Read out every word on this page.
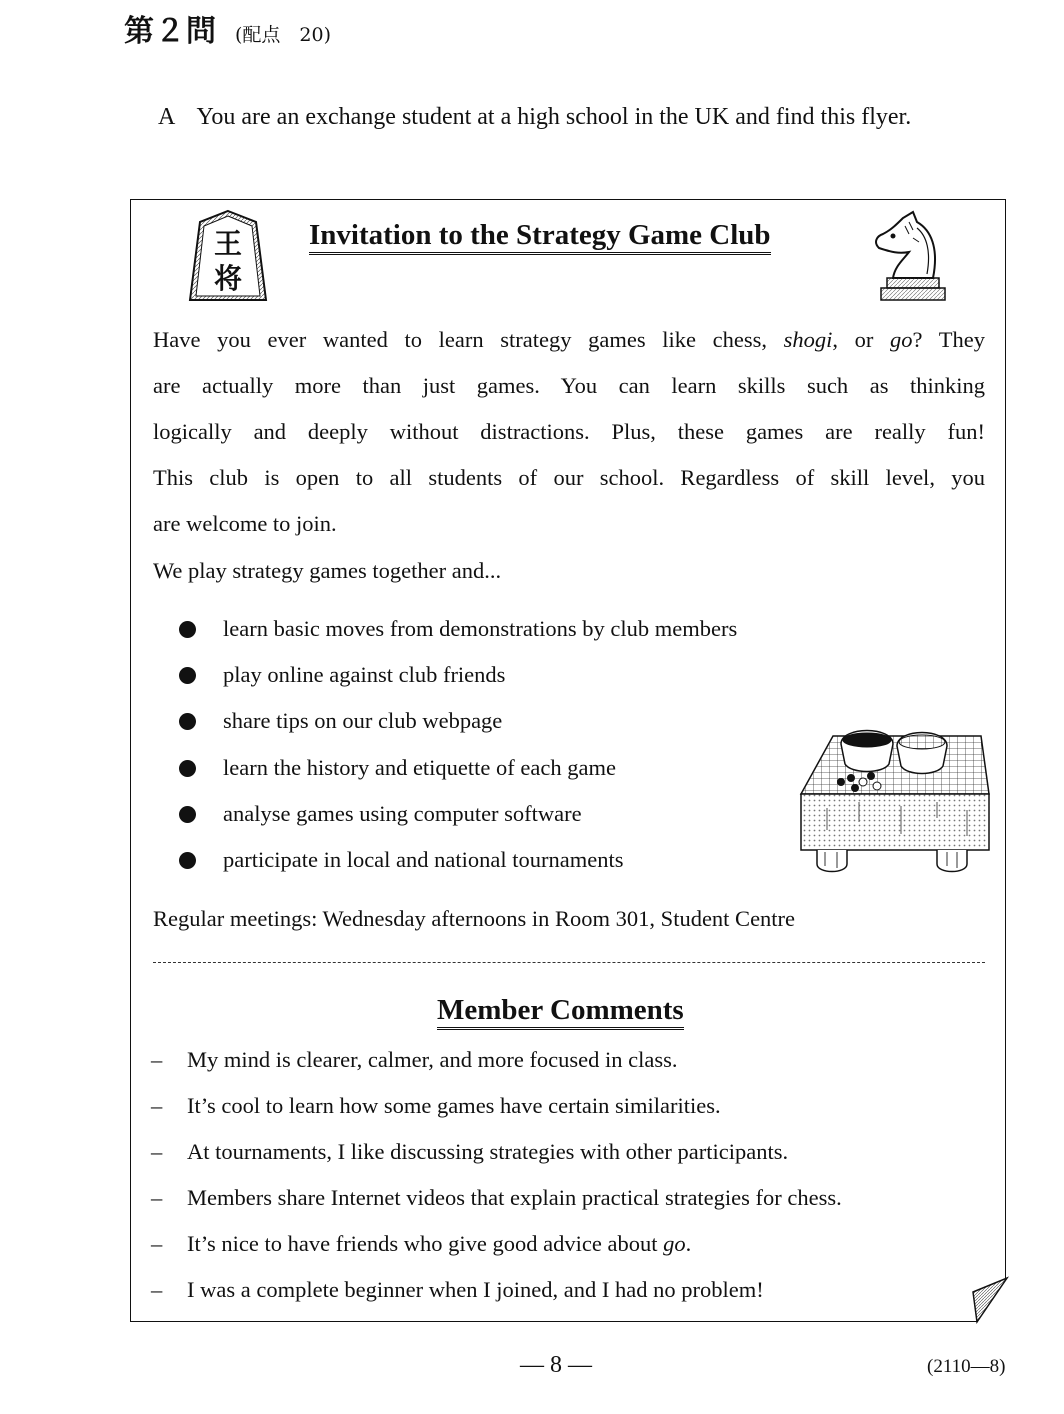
第２問 (配点　20)
A You are an exchange student at a high school in the UK and find this flyer.
王
将
Invitation to the Strategy Game Club
Have you ever wanted to learn strategy games like chess, shogi, or go? They
are actually more than just games. You can learn skills such as thinking
logically and deeply without distractions. Plus, these games are really fun!
This club is open to all students of our school. Regardless of skill level, you
are welcome to join.
We play strategy games together and...
learn basic moves from demonstrations by club members
play online against club friends
share tips on our club webpage
learn the history and etiquette of each game
analyse games using computer software
participate in local and national tournaments
Regular meetings: Wednesday afternoons in Room 301, Student Centre
Member Comments
– My mind is clearer, calmer, and more focused in class.
– It’s cool to learn how some games have certain similarities.
– At tournaments, I like discussing strategies with other participants.
– Members share Internet videos that explain practical strategies for chess.
– It’s nice to have friends who give good advice about go.
– I was a complete beginner when I joined, and I had no problem!
— 8 —	(2110—8)
